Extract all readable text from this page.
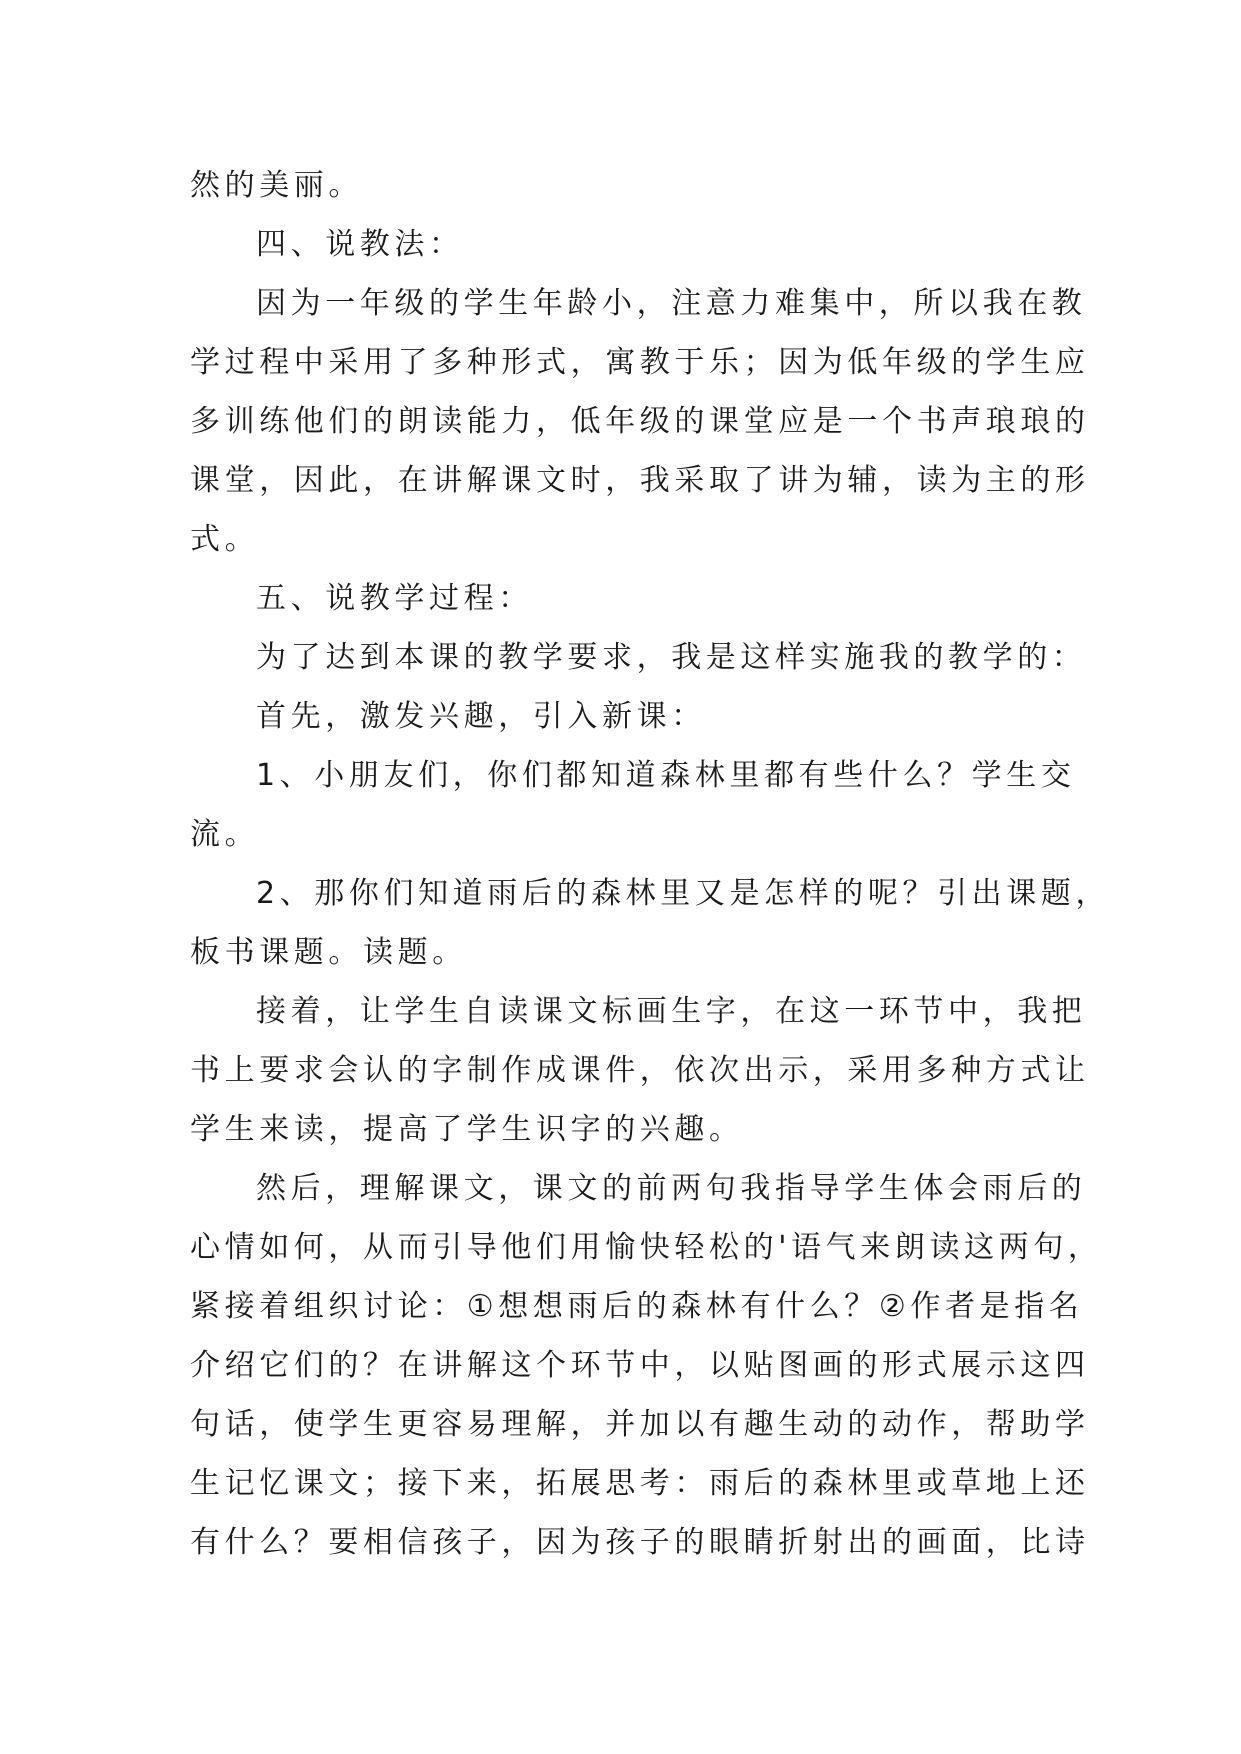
然的美丽。
四、说教法：
因为一年级的学生年龄小，注意力难集中，所以我在教
学过程中采用了多种形式，寓教于乐；因为低年级的学生应
多训练他们的朗读能力，低年级的课堂应是一个书声琅琅的
课堂，因此，在讲解课文时，我采取了讲为辅，读为主的形
式。
五、说教学过程：
为了达到本课的教学要求，我是这样实施我的教学的：
首先，激发兴趣，引入新课：
1、小朋友们，你们都知道森林里都有些什么？学生交
流。
2、那你们知道雨后的森林里又是怎样的呢？引出课题，
板书课题。读题。
接着，让学生自读课文标画生字，在这一环节中，我把
书上要求会认的字制作成课件，依次出示，采用多种方式让
学生来读，提高了学生识字的兴趣。
然后，理解课文，课文的前两句我指导学生体会雨后的
心情如何，从而引导他们用愉快轻松的'语气来朗读这两句，
紧接着组织讨论：①想想雨后的森林有什么？②作者是指名
介绍它们的？在讲解这个环节中，以贴图画的形式展示这四
句话，使学生更容易理解，并加以有趣生动的动作，帮助学
生记忆课文；接下来，拓展思考：雨后的森林里或草地上还
有什么？要相信孩子，因为孩子的眼睛折射出的画面，比诗
